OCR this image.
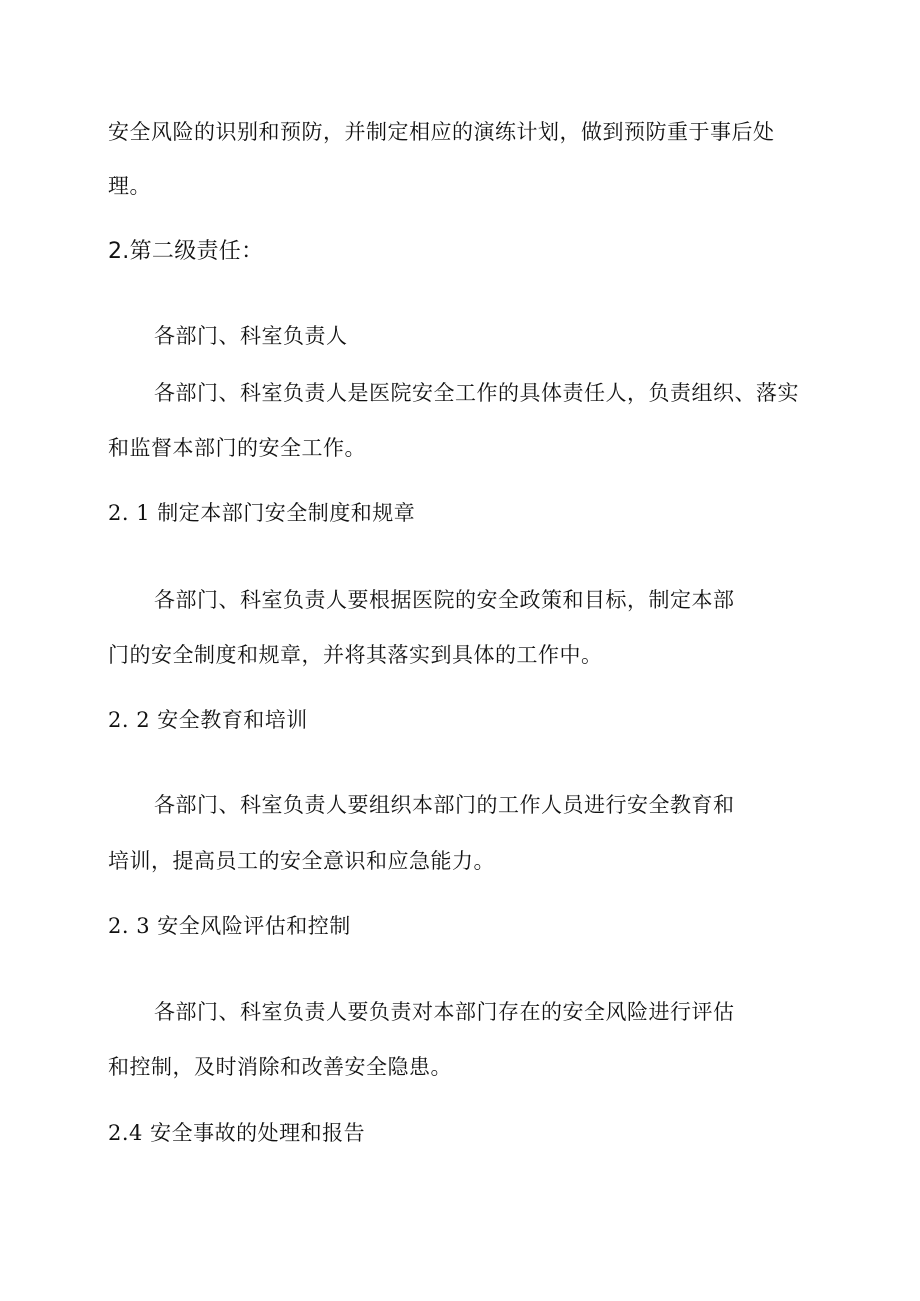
安全风险的识别和预防，并制定相应的演练计划，做到预防重于事后处
理。
2.第二级责任：
各部门、科室负责人
各部门、科室负责人是医院安全工作的具体责任人，负责组织、落实
和监督本部门的安全工作。
2. 1 制定本部门安全制度和规章
各部门、科室负责人要根据医院的安全政策和目标，制定本部
门的安全制度和规章，并将其落实到具体的工作中。
2. 2 安全教育和培训
各部门、科室负责人要组织本部门的工作人员进行安全教育和
培训，提高员工的安全意识和应急能力。
2. 3 安全风险评估和控制
各部门、科室负责人要负责对本部门存在的安全风险进行评估
和控制，及时消除和改善安全隐患。
2.4 安全事故的处理和报告
